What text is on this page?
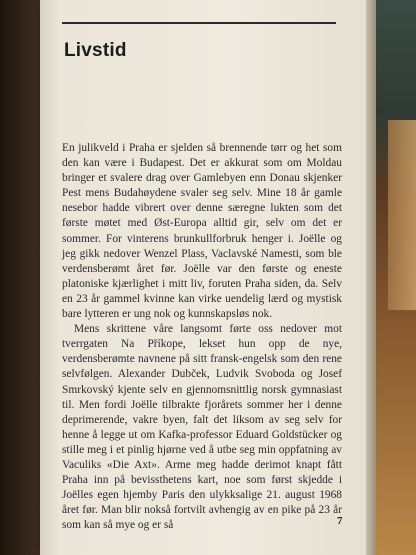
Livstid

En julikveld i Praha er sjelden så brennende tørr og het som den kan være i Budapest. Det er akkurat som om Moldau bringer et svalere drag over Gamlebyen enn Donau skjenker Pest mens Budahøydene svaler seg selv. Mine 18 år gamle nesebor hadde vibrert over denne særegne lukten som det første møtet med Øst-Europa alltid gir, selv om det er sommer. For vinterens brunkullforbruk henger i. Joëlle og jeg gikk nedover Wenzel Plass, Vaclavské Namesti, som ble verdensberømt året før. Joëlle var den første og eneste platoniske kjærlighet i mitt liv, foruten Praha siden, da. Selv en 23 år gammel kvinne kan virke uendelig lærd og mystisk bare lytteren er ung nok og kunnskapsløs nok.

Mens skrittene våre langsomt førte oss nedover mot tverrgaten Na Příkope, lekset hun opp de nye, verdensberømte navnene på sitt fransk-engelsk som den rene selvfølgen. Alexander Dubček, Ludvik Svoboda og Josef Smrkovský kjente selv en gjennomsnittlig norsk gymnasiast til. Men fordi Joëlle tilbrakte fjorårets sommer her i denne deprimerende, vakre byen, falt det liksom av seg selv for henne å legge ut om Kafka-professor Eduard Goldstücker og stille meg i et pinlig hjørne ved å utbe seg min oppfatning av Vaculiks «Die Axt». Arme meg hadde derimot knapt fått Praha inn på bevissthetens kart, noe som først skjedde i Joëlles egen hjemby Paris den ulykksalige 21. august 1968 året før. Man blir nokså fortvilt avhengig av en pike på 23 år som kan så mye og er så	7
